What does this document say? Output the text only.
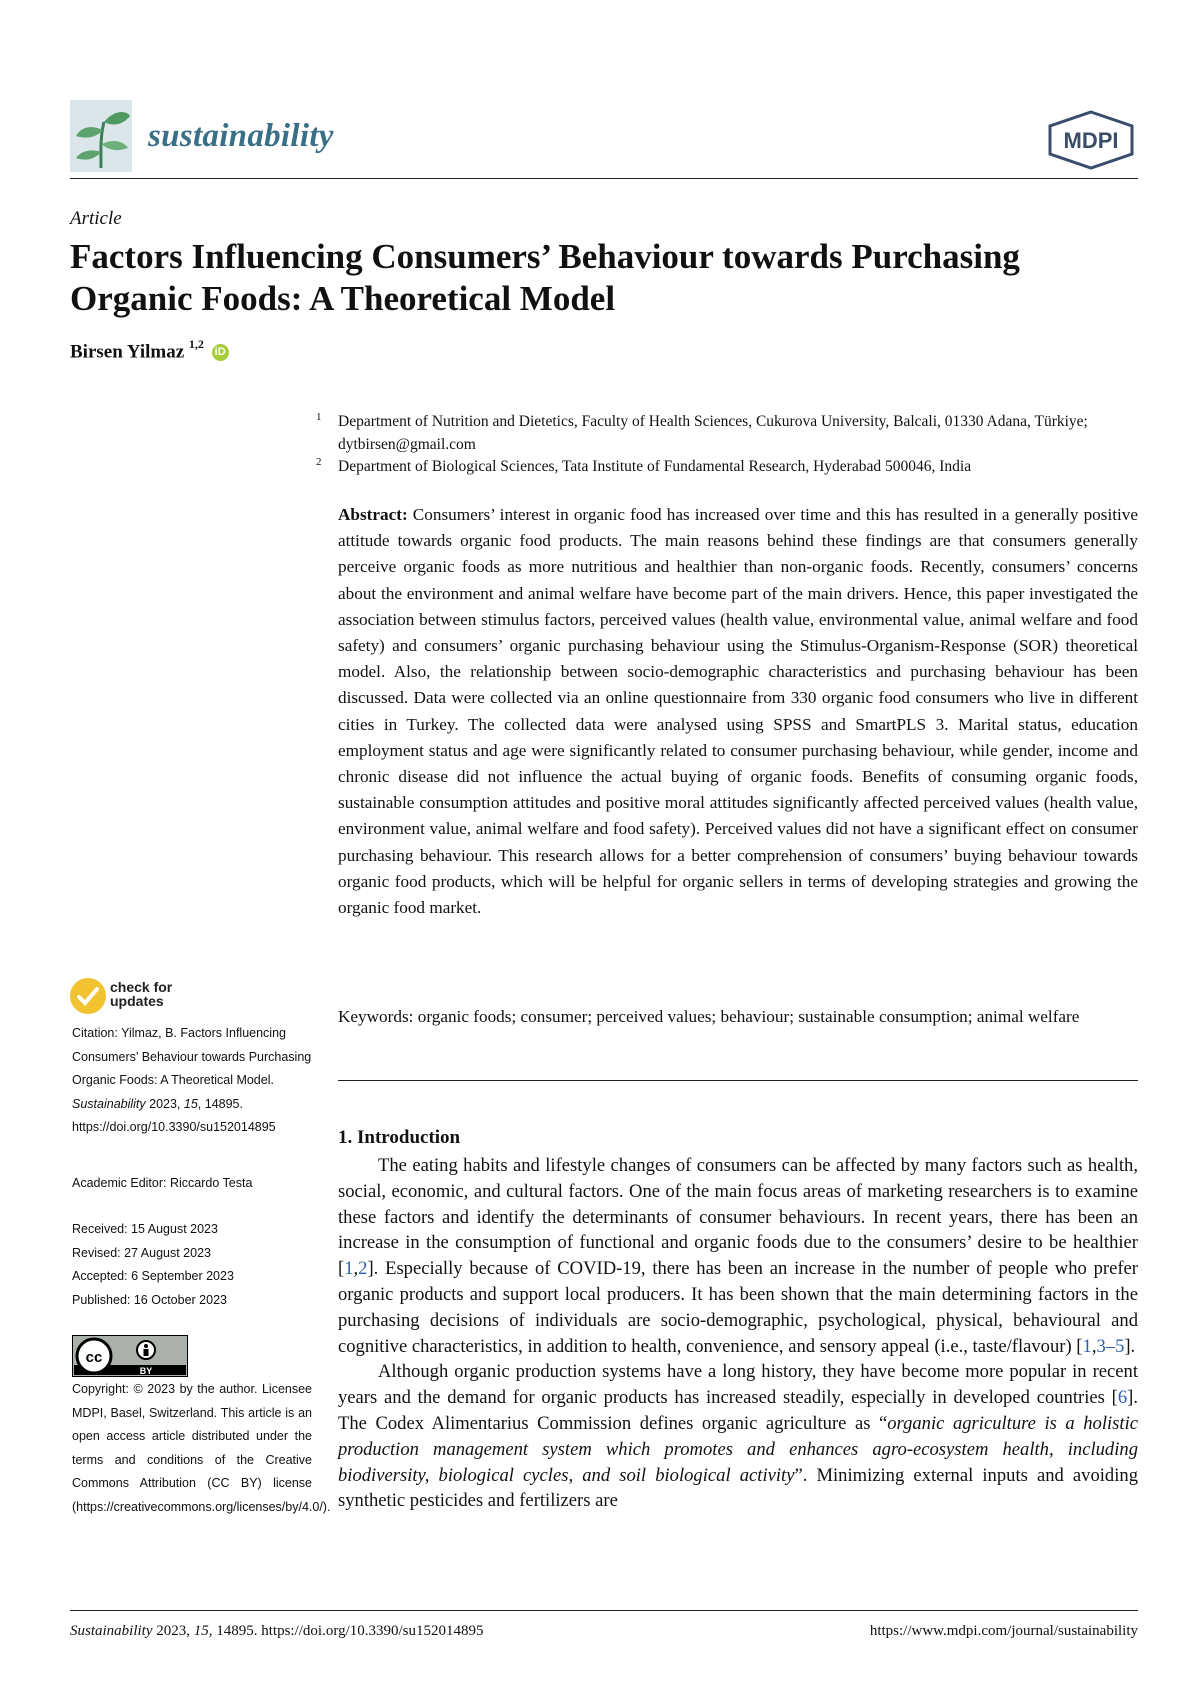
sustainability	MDPI
Article
Factors Influencing Consumers’ Behaviour towards Purchasing Organic Foods: A Theoretical Model
Birsen Yilmaz $^{1,2}$ iD
1 Department of Nutrition and Dietetics, Faculty of Health Sciences, Cukurova University, Balcali, 01330 Adana, Türkiye; dytbirsen@gmail.com
2 Department of Biological Sciences, Tata Institute of Fundamental Research, Hyderabad 500046, India
Abstract: Consumers’ interest in organic food has increased over time and this has resulted in a generally positive attitude towards organic food products. The main reasons behind these findings are that consumers generally perceive organic foods as more nutritious and healthier than non-organic foods. Recently, consumers’ concerns about the environment and animal welfare have become part of the main drivers. Hence, this paper investigated the association between stimulus factors, perceived values (health value, environmental value, animal welfare and food safety) and consumers’ organic purchasing behaviour using the Stimulus-Organism-Response (SOR) theoretical model. Also, the relationship between socio-demographic characteristics and purchasing behaviour has been discussed. Data were collected via an online questionnaire from 330 organic food consumers who live in different cities in Turkey. The collected data were analysed using SPSS and SmartPLS 3. Marital status, education employment status and age were significantly related to consumer purchasing behaviour, while gender, income and chronic disease did not influence the actual buying of organic foods. Benefits of consuming organic foods, sustainable consumption attitudes and positive moral attitudes significantly affected perceived values (health value, environment value, animal welfare and food safety). Perceived values did not have a significant effect on consumer purchasing behaviour. This research allows for a better comprehension of consumers’ buying behaviour towards organic food products, which will be helpful for organic sellers in terms of developing strategies and growing the organic food market.
Keywords: organic foods; consumer; perceived values; behaviour; sustainable consumption; animal welfare
1. Introduction

The eating habits and lifestyle changes of consumers can be affected by many factors such as health, social, economic, and cultural factors. One of the main focus areas of marketing researchers is to examine these factors and identify the determinants of consumer behaviours. In recent years, there has been an increase in the consumption of functional and organic foods due to the consumers’ desire to be healthier [1,2]. Especially because of COVID-19, there has been an increase in the number of people who prefer organic products and support local producers. It has been shown that the main determining factors in the purchasing decisions of individuals are socio-demographic, psychological, physical, behavioural and cognitive characteristics, in addition to health, convenience, and sensory appeal (i.e., taste/flavour) [1,3–5].

Although organic production systems have a long history, they have become more popular in recent years and the demand for organic products has increased steadily, especially in developed countries [6]. The Codex Alimentarius Commission defines organic agriculture as “organic agriculture is a holistic production management system which promotes and enhances agro-ecosystem health, including biodiversity, biological cycles, and soil biological activity”. Minimizing external inputs and avoiding synthetic pesticides and fertilizers are

check for
updates
Citation: Yilmaz, B. Factors Influencing Consumers’ Behaviour towards Purchasing Organic Foods: A Theoretical Model. Sustainability 2023, 15, 14895. https://doi.org/10.3390/su152014895
Academic Editor: Riccardo Testa
Received: 15 August 2023
Revised: 27 August 2023
Accepted: 6 September 2023
Published: 16 October 2023
cc
BY
Copyright: © 2023 by the author. Licensee MDPI, Basel, Switzerland. This article is an open access article distributed under the terms and conditions of the Creative Commons Attribution (CC BY) license (https://creativecommons.org/licenses/by/4.0/).
Sustainability 2023, 15, 14895. https://doi.org/10.3390/su152014895	https://www.mdpi.com/journal/sustainability
